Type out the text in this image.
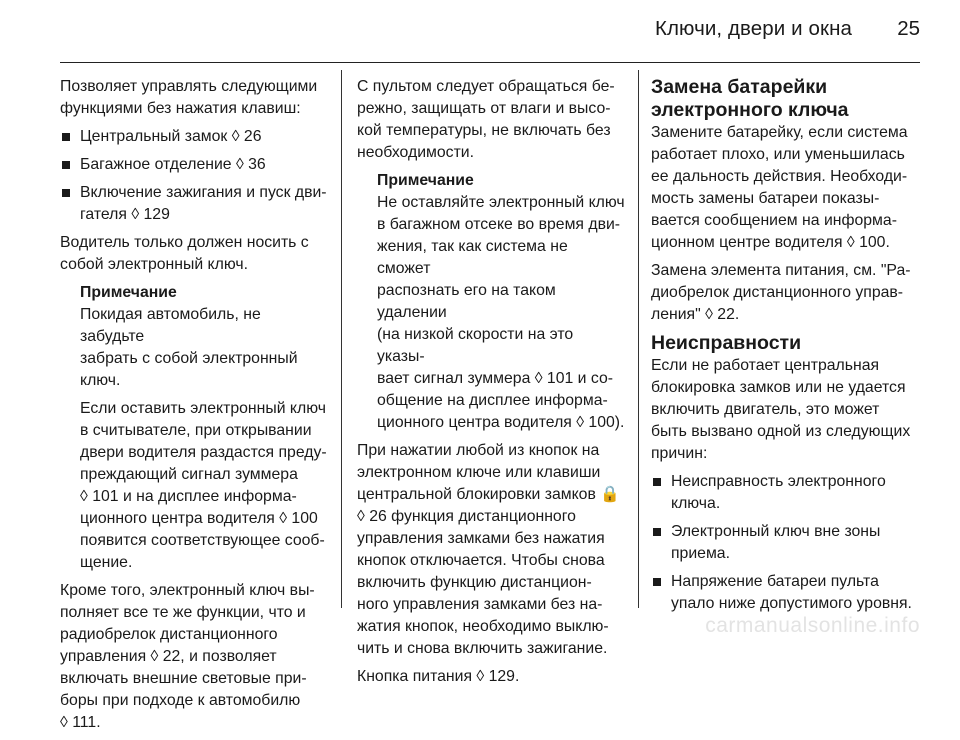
Ключи, двери и окна 25

Позволяет управлять следующими
функциями без нажатия клавиш:

Центральный замок ◊ 26
Багажное отделение ◊ 36
Включение зажигания и пуск дви-
гателя ◊ 129

Водитель только должен носить с
собой электронный ключ.

Примечание

Покидая автомобиль, не забудьте
забрать с собой электронный
ключ.

Если оставить электронный ключ
в считывателе, при открывании
двери водителя раздастся преду-
преждающий сигнал зуммера
◊ 101 и на дисплее информа-
ционного центра водителя ◊ 100
появится соответствующее сооб-
щение.

Кроме того, электронный ключ вы-
полняет все те же функции, что и
радиобрелок дистанционного
управления ◊ 22, и позволяет
включать внешние световые при-
боры при подходе к автомобилю
◊ 111.

С пультом следует обращаться бе-
режно, защищать от влаги и высо-
кой температуры, не включать без
необходимости.

Примечание

Не оставляйте электронный ключ
в багажном отсеке во время дви-
жения, так как система не сможет
распознать его на таком удалении
(на низкой скорости на это указы-
вает сигнал зуммера ◊ 101 и со-
общение на дисплее информа-
ционного центра водителя ◊ 100).

При нажатии любой из кнопок на
электронном ключе или клавиши
центральной блокировки замков 🔒
◊ 26 функция дистанционного
управления замками без нажатия
кнопок отключается. Чтобы снова
включить функцию дистанцион-
ного управления замками без на-
жатия кнопок, необходимо выклю-
чить и снова включить зажигание.

Кнопка питания ◊ 129.

Замена батарейки
электронного ключа

Замените батарейку, если система
работает плохо, или уменьшилась
ее дальность действия. Необходи-
мость замены батареи показы-
вается сообщением на информа-
ционном центре водителя ◊ 100.

Замена элемента питания, см. "Ра-
диобрелок дистанционного управ-
ления" ◊ 22.

Неисправности

Если не работает центральная
блокировка замков или не удается
включить двигатель, это может
быть вызвано одной из следующих
причин:

Неисправность электронного
ключа.
Электронный ключ вне зоны
приема.
Напряжение батареи пульта
упало ниже допустимого уровня.
carmanualsonline.info
